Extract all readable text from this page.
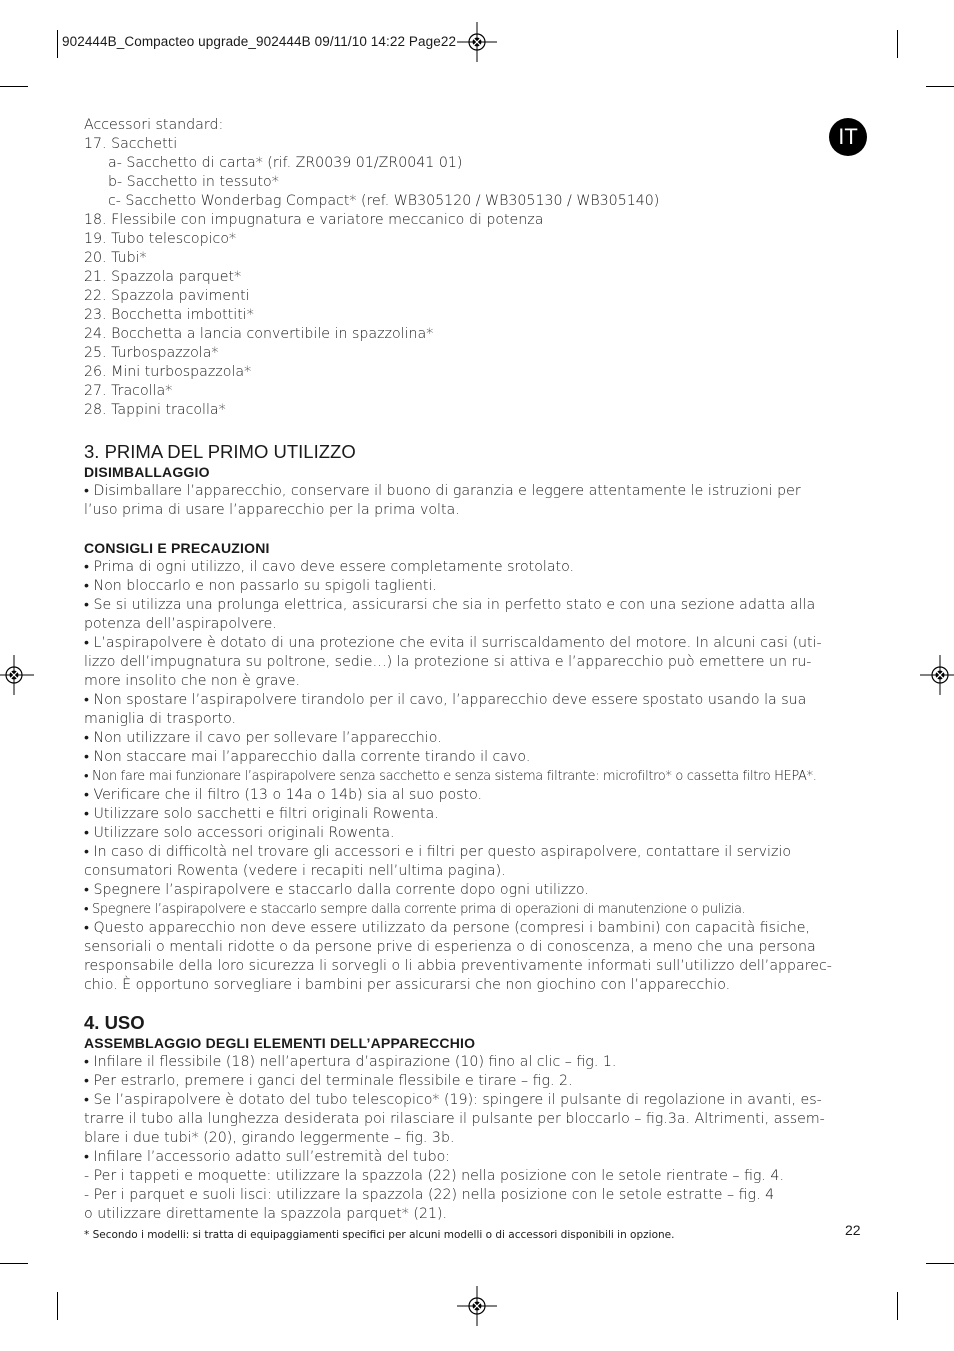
902444B_Compacteo upgrade_902444B 09/11/10 14:22 Page22
IT
Accessori standard:
17. Sacchetti
a- Sacchetto di carta* (rif. ZR0039 01/ZR0041 01)
b- Sacchetto in tessuto*
c- Sacchetto Wonderbag Compact* (ref. WB305120 / WB305130 / WB305140)
18. Flessibile con impugnatura e variatore meccanico di potenza
19. Tubo telescopico*
20. Tubi*
21. Spazzola parquet*
22. Spazzola pavimenti
23. Bocchetta imbottiti*
24. Bocchetta a lancia convertibile in spazzolina*
25. Turbospazzola*
26. Mini turbospazzola*
27. Tracolla*
28. Tappini tracolla*
3. PRIMA DEL PRIMO UTILIZZO
DISIMBALLAGGIO
• Disimballare l’apparecchio, conservare il buono di garanzia e leggere attentamente le istruzioni per
l’uso prima di usare l’apparecchio per la prima volta.
CONSIGLI E PRECAUZIONI
• Prima di ogni utilizzo, il cavo deve essere completamente srotolato.
• Non bloccarlo e non passarlo su spigoli taglienti.
• Se si utilizza una prolunga elettrica, assicurarsi che sia in perfetto stato e con una sezione adatta alla
potenza dell’aspirapolvere.
• L’aspirapolvere è dotato di una protezione che evita il surriscaldamento del motore. In alcuni casi (uti-
lizzo dell’impugnatura su poltrone, sedie…) la protezione si attiva e l’apparecchio può emettere un ru-
more insolito che non è grave.
• Non spostare l’aspirapolvere tirandolo per il cavo, l’apparecchio deve essere spostato usando la sua
maniglia di trasporto.
• Non utilizzare il cavo per sollevare l’apparecchio.
• Non staccare mai l’apparecchio dalla corrente tirando il cavo.
• Non fare mai funzionare l’aspirapolvere senza sacchetto e senza sistema filtrante: microfiltro* o cassetta filtro HEPA*.
• Verificare che il filtro (13 o 14a o 14b) sia al suo posto.
• Utilizzare solo sacchetti e filtri originali Rowenta.
• Utilizzare solo accessori originali Rowenta.
• In caso di difficoltà nel trovare gli accessori e i filtri per questo aspirapolvere, contattare il servizio
consumatori Rowenta (vedere i recapiti nell’ultima pagina).
• Spegnere l’aspirapolvere e staccarlo dalla corrente dopo ogni utilizzo.
• Spegnere l’aspirapolvere e staccarlo sempre dalla corrente prima di operazioni di manutenzione o pulizia.
• Questo apparecchio non deve essere utilizzato da persone (compresi i bambini) con capacità fisiche,
sensoriali o mentali ridotte o da persone prive di esperienza o di conoscenza, a meno che una persona
responsabile della loro sicurezza li sorvegli o li abbia preventivamente informati sull’utilizzo dell’apparec-
chio. È opportuno sorvegliare i bambini per assicurarsi che non giochino con l’apparecchio.
4. USO
ASSEMBLAGGIO DEGLI ELEMENTI DELL’APPARECCHIO
• Infilare il flessibile (18) nell’apertura d’aspirazione (10) fino al clic – fig. 1.
• Per estrarlo, premere i ganci del terminale flessibile e tirare – fig. 2.
• Se l’aspirapolvere è dotato del tubo telescopico* (19): spingere il pulsante di regolazione in avanti, es-
trarre il tubo alla lunghezza desiderata poi rilasciare il pulsante per bloccarlo – fig.3a. Altrimenti, assem-
blare i due tubi* (20), girando leggermente – fig. 3b.
• Infilare l’accessorio adatto sull’estremità del tubo:
- Per i tappeti e moquette: utilizzare la spazzola (22) nella posizione con le setole rientrate – fig. 4.
- Per i parquet e suoli lisci: utilizzare la spazzola (22) nella posizione con le setole estratte – fig. 4
o utilizzare direttamente la spazzola parquet* (21).
* Secondo i modelli: si tratta di equipaggiamenti specifici per alcuni modelli o di accessori disponibili in opzione.	22
